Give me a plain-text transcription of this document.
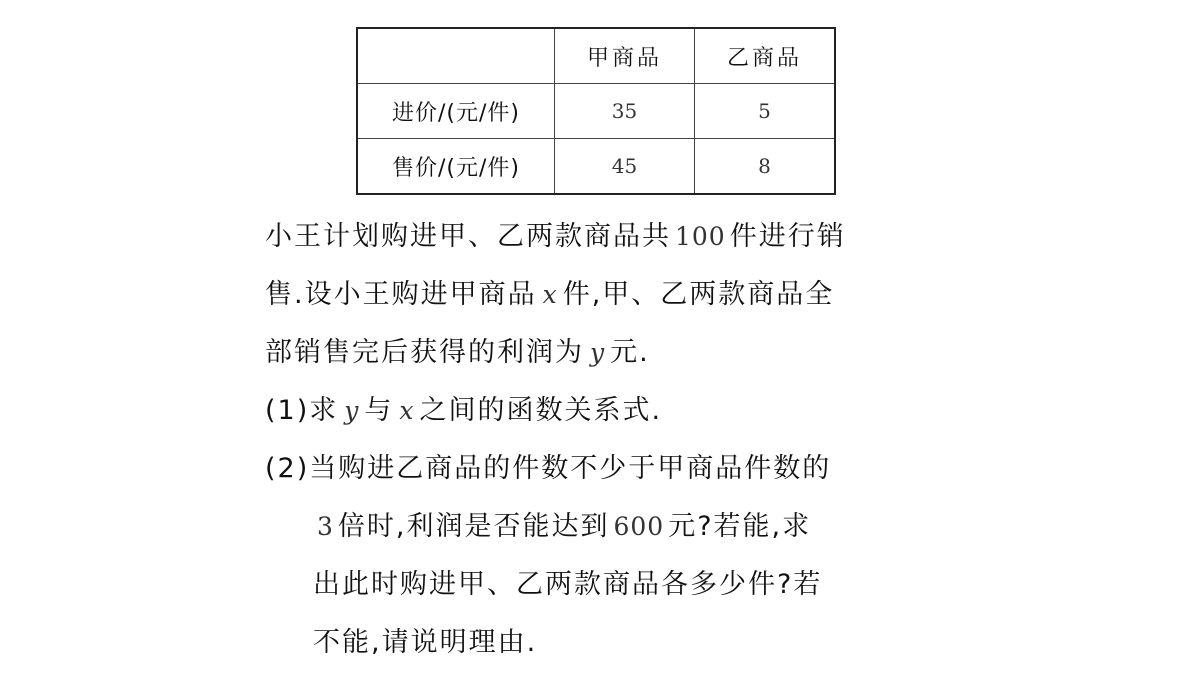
	甲商品	乙商品
进价/(元/件)	35	5
售价/(元/件)	45	8
小王计划购进甲、乙两款商品共 100 件进行销
售.设小王购进甲商品 x 件,甲、乙两款商品全
部销售完后获得的利润为 y 元.
(1)求 y 与 x 之间的函数关系式.
(2)当购进乙商品的件数不少于甲商品件数的
3 倍时,利润是否能达到 600 元?若能,求
出此时购进甲、乙两款商品各多少件?若
不能,请说明理由.
